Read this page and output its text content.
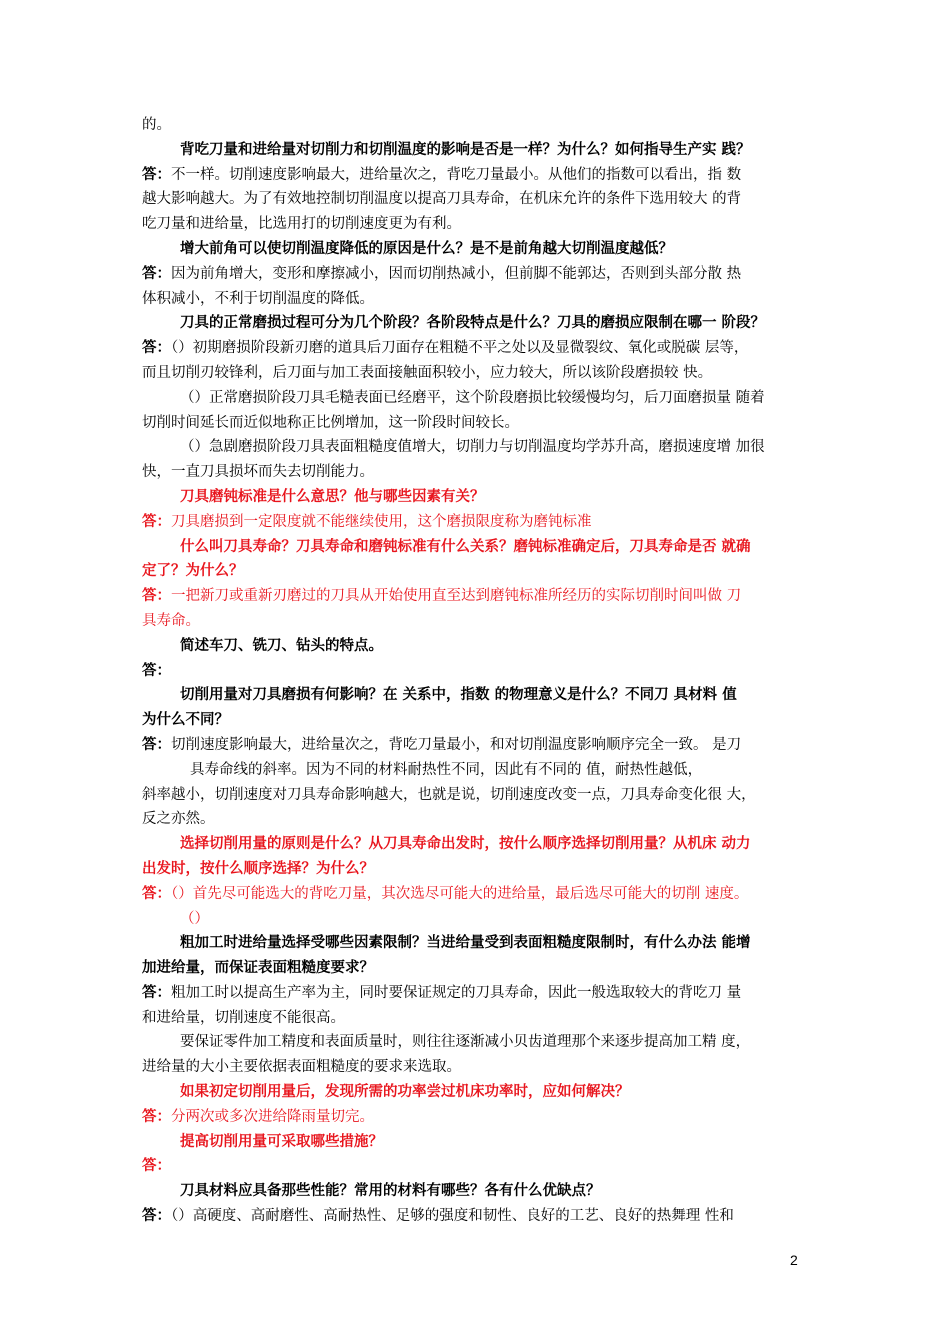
的。
背吃刀量和进给量对切削力和切削温度的影响是否是一样？为什么？如何指导生产实 践？
答：不一样。切削速度影响最大，进给量次之，背吃刀量最小。从他们的指数可以看出，指 数
越大影响越大。为了有效地控制切削温度以提高刀具寿命，在机床允许的条件下选用较大 的背
吃刀量和进给量，比选用打的切削速度更为有利。
增大前角可以使切削温度降低的原因是什么？是不是前角越大切削温度越低？
答：因为前角增大，变形和摩擦减小，因而切削热减小，但前脚不能郭达，否则到头部分散 热
体积减小，不利于切削温度的降低。
刀具的正常磨损过程可分为几个阶段？各阶段特点是什么？刀具的磨损应限制在哪一 阶段？
答：（）初期磨损阶段新刃磨的道具后刀面存在粗糙不平之处以及显微裂纹、氧化或脱碳 层等，
而且切削刃较锋利，后刀面与加工表面接触面积较小，应力较大，所以该阶段磨损较 快。
（）正常磨损阶段刀具毛糙表面已经磨平，这个阶段磨损比较缓慢均匀，后刀面磨损量 随着
切削时间延长而近似地称正比例增加，这一阶段时间较长。
（）急剧磨损阶段刀具表面粗糙度值增大，切削力与切削温度均学苏升高，磨损速度增 加很
快，一直刀具损坏而失去切削能力。
刀具磨钝标准是什么意思？他与哪些因素有关？
答：刀具磨损到一定限度就不能继续使用，这个磨损限度称为磨钝标准
什么叫刀具寿命？刀具寿命和磨钝标准有什么关系？磨钝标准确定后，刀具寿命是否 就确
定了？为什么？
答：一把新刀或重新刃磨过的刀具从开始使用直至达到磨钝标准所经历的实际切削时间叫做 刀
具寿命。
简述车刀、铣刀、钻头的特点。
答：
切削用量对刀具磨损有何影响？在 关系中，指数 的物理意义是什么？不同刀 具材料 值
为什么不同？
答：切削速度影响最大，进给量次之，背吃刀量最小，和对切削温度影响顺序完全一致。 是刀
具寿命线的斜率。因为不同的材料耐热性不同，因此有不同的 值，耐热性越低，
斜率越小，切削速度对刀具寿命影响越大，也就是说，切削速度改变一点，刀具寿命变化很 大，
反之亦然。
选择切削用量的原则是什么？从刀具寿命出发时，按什么顺序选择切削用量？从机床 动力
出发时，按什么顺序选择？为什么？
答：（）首先尽可能选大的背吃刀量，其次选尽可能大的进给量，最后选尽可能大的切削 速度。
（）
粗加工时进给量选择受哪些因素限制？当进给量受到表面粗糙度限制时，有什么办法 能增
加进给量，而保证表面粗糙度要求？
答：粗加工时以提高生产率为主，同时要保证规定的刀具寿命，因此一般选取较大的背吃刀 量
和进给量，切削速度不能很高。
要保证零件加工精度和表面质量时，则往往逐渐减小贝齿道理那个来逐步提高加工精 度，
进给量的大小主要依据表面粗糙度的要求来选取。
如果初定切削用量后，发现所需的功率尝过机床功率时，应如何解决？
答：分两次或多次进给降雨量切完。
提高切削用量可采取哪些措施？
答：
刀具材料应具备那些性能？常用的材料有哪些？各有什么优缺点？
答：（）高硬度、高耐磨性、高耐热性、足够的强度和韧性、良好的工艺、良好的热舞理 性和
2
